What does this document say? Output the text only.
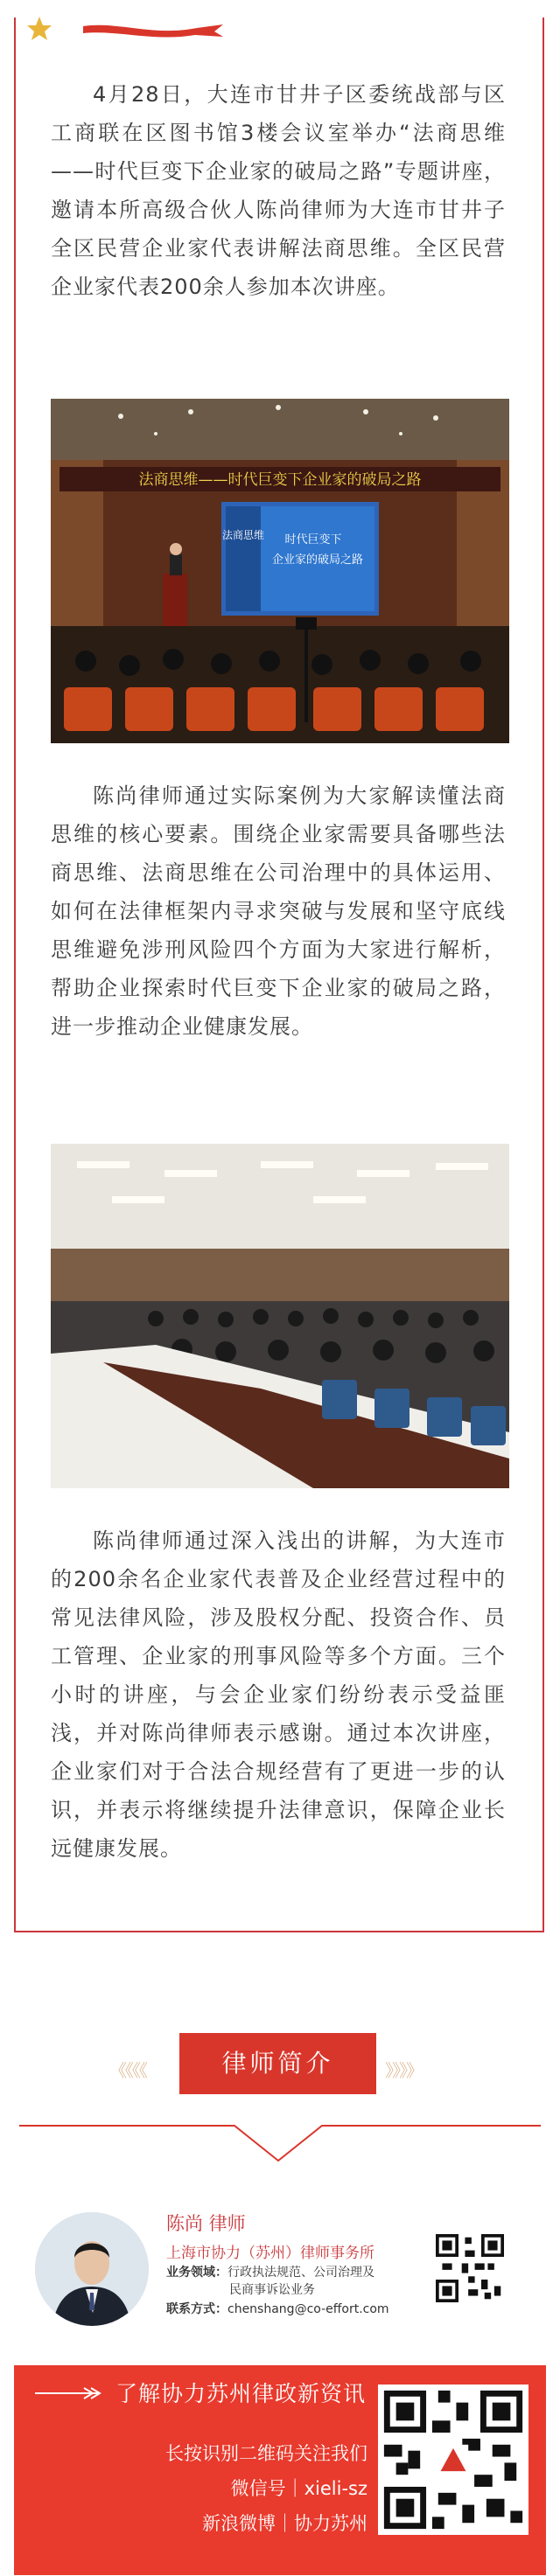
4月28日，大连市甘井子区委统战部与区工商联在区图书馆3楼会议室举办“法商思维——时代巨变下企业家的破局之路”专题讲座，邀请本所高级合伙人陈尚律师为大连市甘井子全区民营企业家代表讲解法商思维。全区民营企业家代表200余人参加本次讲座。

法商思维——时代巨变下企业家的破局之路
法商思维 时代巨变下
企业家的破局之路

陈尚律师通过实际案例为大家解读懂法商思维的核心要素。围绕企业家需要具备哪些法商思维、法商思维在公司治理中的具体运用、如何在法律框架内寻求突破与发展和坚守底线思维避免涉刑风险四个方面为大家进行解析，帮助企业探索时代巨变下企业家的破局之路，进一步推动企业健康发展。

陈尚律师通过深入浅出的讲解，为大连市的200余名企业家代表普及企业经营过程中的常见法律风险，涉及股权分配、投资合作、员工管理、企业家的刑事风险等多个方面。三个小时的讲座，与会企业家们纷纷表示受益匪浅，并对陈尚律师表示感谢。通过本次讲座，企业家们对于合法合规经营有了更进一步的认识，并表示将继续提升法律意识，保障企业长远健康发展。

《《《《	律师简介	》》》》
陈尚 律师
上海市协力（苏州）律师事务所
业务领域：行政执法规范、公司治理及
民商事诉讼业务
联系方式：chenshang@co-effort.com
了解协力苏州律政新资讯
长按识别二维码关注我们
微信号｜xieli-sz
新浪微博｜协力苏州
